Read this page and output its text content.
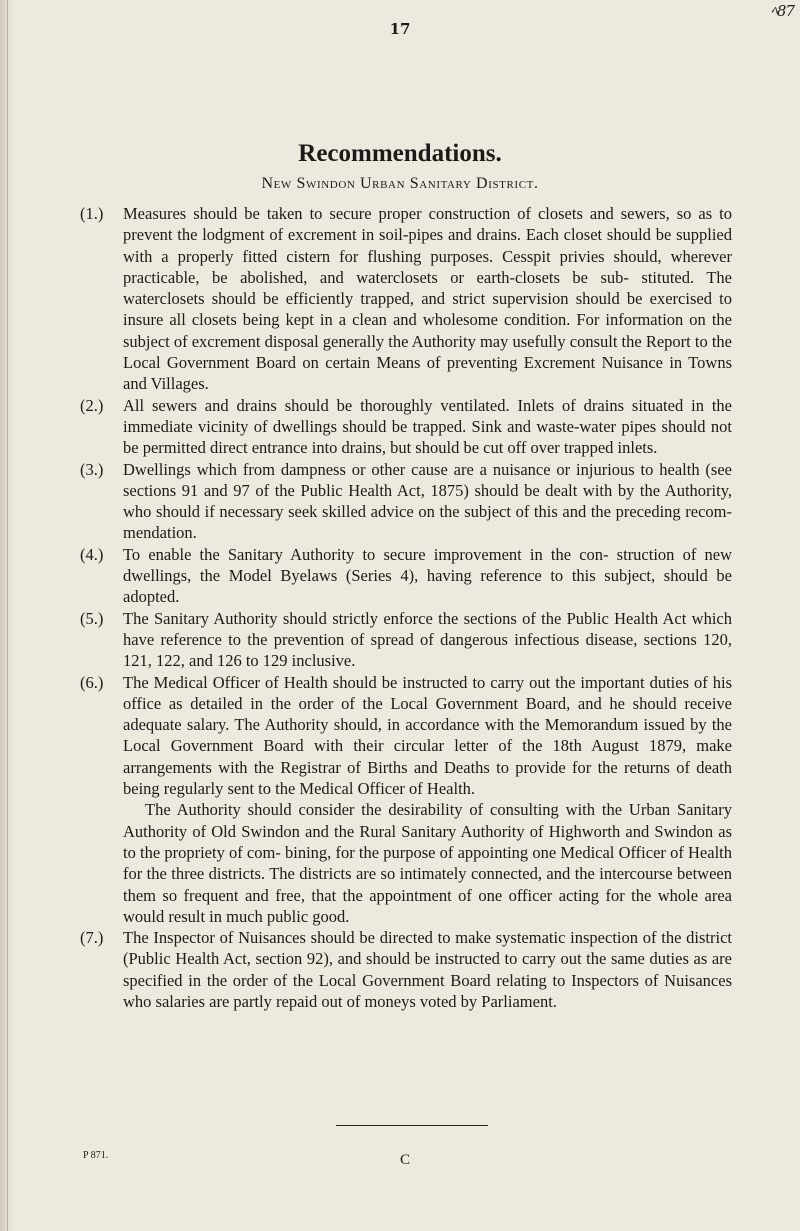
ﾍ87
17
Recommendations.
New Swindon Urban Sanitary District.
(1.)	Measures should be taken to secure proper construction of closets and sewers, so as to prevent the lodgment of excrement in soil-pipes and drains. Each closet should be supplied with a properly fitted cistern for flushing purposes. Cesspit privies should, wherever practicable, be abolished, and waterclosets or earth-closets be sub- stituted. The waterclosets should be efficiently trapped, and strict supervision should be exercised to insure all closets being kept in a clean and wholesome condition. For information on the subject of excrement disposal generally the Authority may usefully consult the Report to the Local Government Board on certain Means of preventing Excrement Nuisance in Towns and Villages.

(2.)	All sewers and drains should be thoroughly ventilated. Inlets of drains situated in the immediate vicinity of dwellings should be trapped. Sink and waste-water pipes should not be permitted direct entrance into drains, but should be cut off over trapped inlets.

(3.)	Dwellings which from dampness or other cause are a nuisance or injurious to health (see sections 91 and 97 of the Public Health Act, 1875) should be dealt with by the Authority, who should if necessary seek skilled advice on the subject of this and the preceding recom- mendation.

(4.)	To enable the Sanitary Authority to secure improvement in the con- struction of new dwellings, the Model Byelaws (Series 4), having reference to this subject, should be adopted.

(5.)	The Sanitary Authority should strictly enforce the sections of the Public Health Act which have reference to the prevention of spread of dangerous infectious disease, sections 120, 121, 122, and 126 to 129 inclusive.

(6.)	The Medical Officer of Health should be instructed to carry out the important duties of his office as detailed in the order of the Local Government Board, and he should receive adequate salary. The Authority should, in accordance with the Memorandum issued by the Local Government Board with their circular letter of the 18th August 1879, make arrangements with the Registrar of Births and Deaths to provide for the returns of death being regularly sent to the Medical Officer of Health.

The Authority should consider the desirability of consulting with the Urban Sanitary Authority of Old Swindon and the Rural Sanitary Authority of Highworth and Swindon as to the propriety of com- bining, for the purpose of appointing one Medical Officer of Health for the three districts. The districts are so intimately connected, and the intercourse between them so frequent and free, that the appointment of one officer acting for the whole area would result in much public good.

(7.)	The Inspector of Nuisances should be directed to make systematic inspection of the district (Public Health Act, section 92), and should be instructed to carry out the same duties as are specified in the order of the Local Government Board relating to Inspectors of Nuisances who salaries are partly repaid out of moneys voted by Parliament.

P 871.	C
